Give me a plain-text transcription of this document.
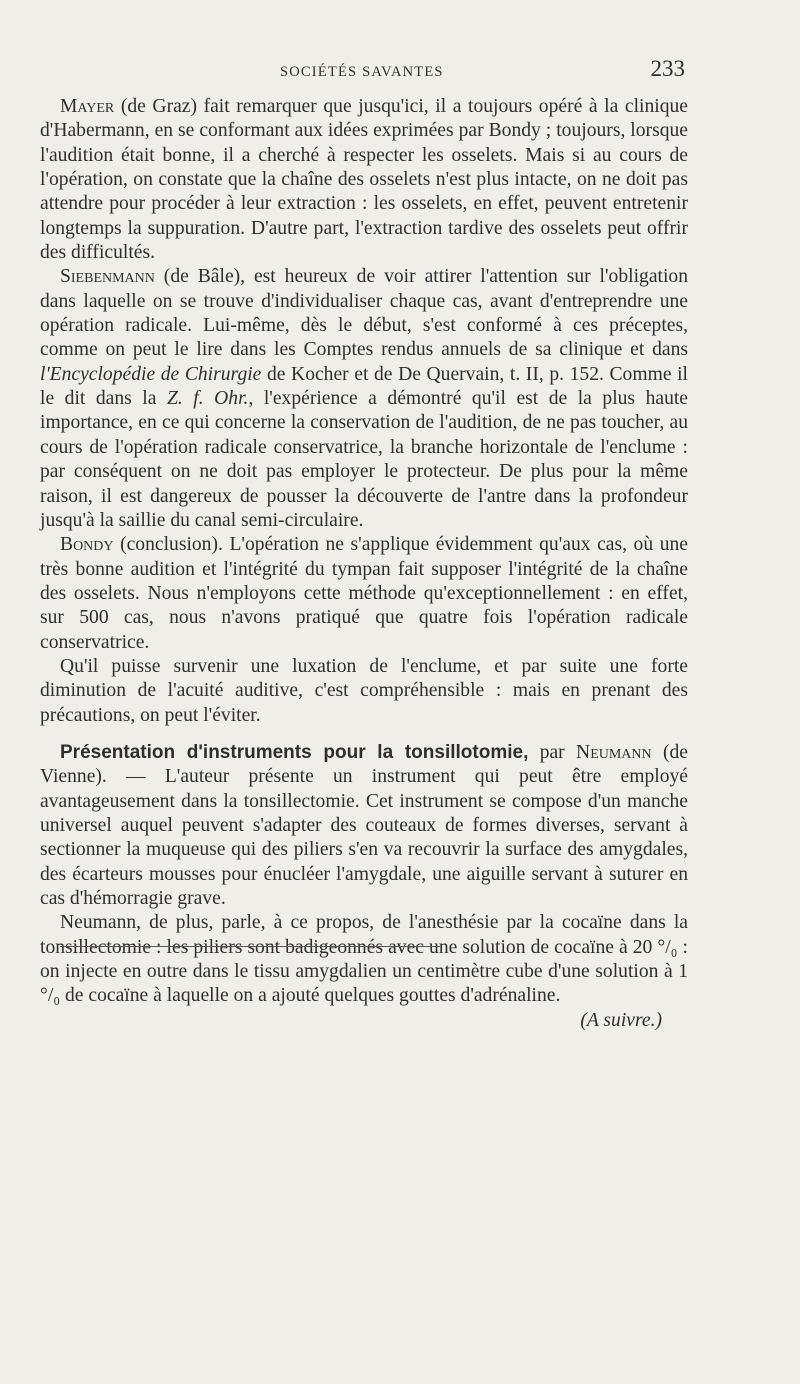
SOCIÉTÉS SAVANTES	233

Mayer (de Graz) fait remarquer que jusqu'ici, il a toujours opéré à la clinique d'Habermann, en se conformant aux idées exprimées par Bondy ; toujours, lorsque l'audition était bonne, il a cherché à respecter les osselets. Mais si au cours de l'opération, on constate que la chaîne des osselets n'est plus intacte, on ne doit pas attendre pour procéder à leur extraction : les osselets, en effet, peuvent entretenir longtemps la suppuration. D'autre part, l'extraction tardive des osselets peut offrir des difficultés.

Siebenmann (de Bâle), est heureux de voir attirer l'attention sur l'obligation dans laquelle on se trouve d'individualiser chaque cas, avant d'entreprendre une opération radicale. Lui-même, dès le début, s'est conformé à ces préceptes, comme on peut le lire dans les Comptes rendus annuels de sa clinique et dans l'Encyclopédie de Chirurgie de Kocher et de De Quervain, t. II, p. 152. Comme il le dit dans la Z. f. Ohr., l'expérience a démontré qu'il est de la plus haute importance, en ce qui concerne la conservation de l'audition, de ne pas toucher, au cours de l'opération radicale conservatrice, la branche horizontale de l'enclume : par conséquent on ne doit pas employer le protecteur. De plus pour la même raison, il est dangereux de pousser la découverte de l'antre dans la profondeur jusqu'à la saillie du canal semi-circulaire.

Bondy (conclusion). L'opération ne s'applique évidemment qu'aux cas, où une très bonne audition et l'intégrité du tympan fait supposer l'intégrité de la chaîne des osselets. Nous n'employons cette méthode qu'exceptionnellement : en effet, sur 500 cas, nous n'avons pratiqué que quatre fois l'opération radicale conservatrice.

Qu'il puisse survenir une luxation de l'enclume, et par suite une forte diminution de l'acuité auditive, c'est compréhensible : mais en prenant des précautions, on peut l'éviter.

Présentation d'instruments pour la tonsillotomie, par Neumann (de Vienne). — L'auteur présente un instrument qui peut être employé avantageusement dans la tonsillectomie. Cet instrument se compose d'un manche universel auquel peuvent s'adapter des couteaux de formes diverses, servant à sectionner la muqueuse qui des piliers s'en va recouvrir la surface des amygdales, des écarteurs mousses pour énucléer l'amygdale, une aiguille servant à suturer en cas d'hémorragie grave.

Neumann, de plus, parle, à ce propos, de l'anesthésie par la cocaïne dans la tonsillectomie : les piliers sont badigeonnés avec une solution de cocaïne à 20 °/₀ : on injecte en outre dans le tissu amygdalien un centimètre cube d'une solution à 1 °/₀ de cocaïne à laquelle on a ajouté quelques gouttes d'adrénaline.

(A suivre.)
